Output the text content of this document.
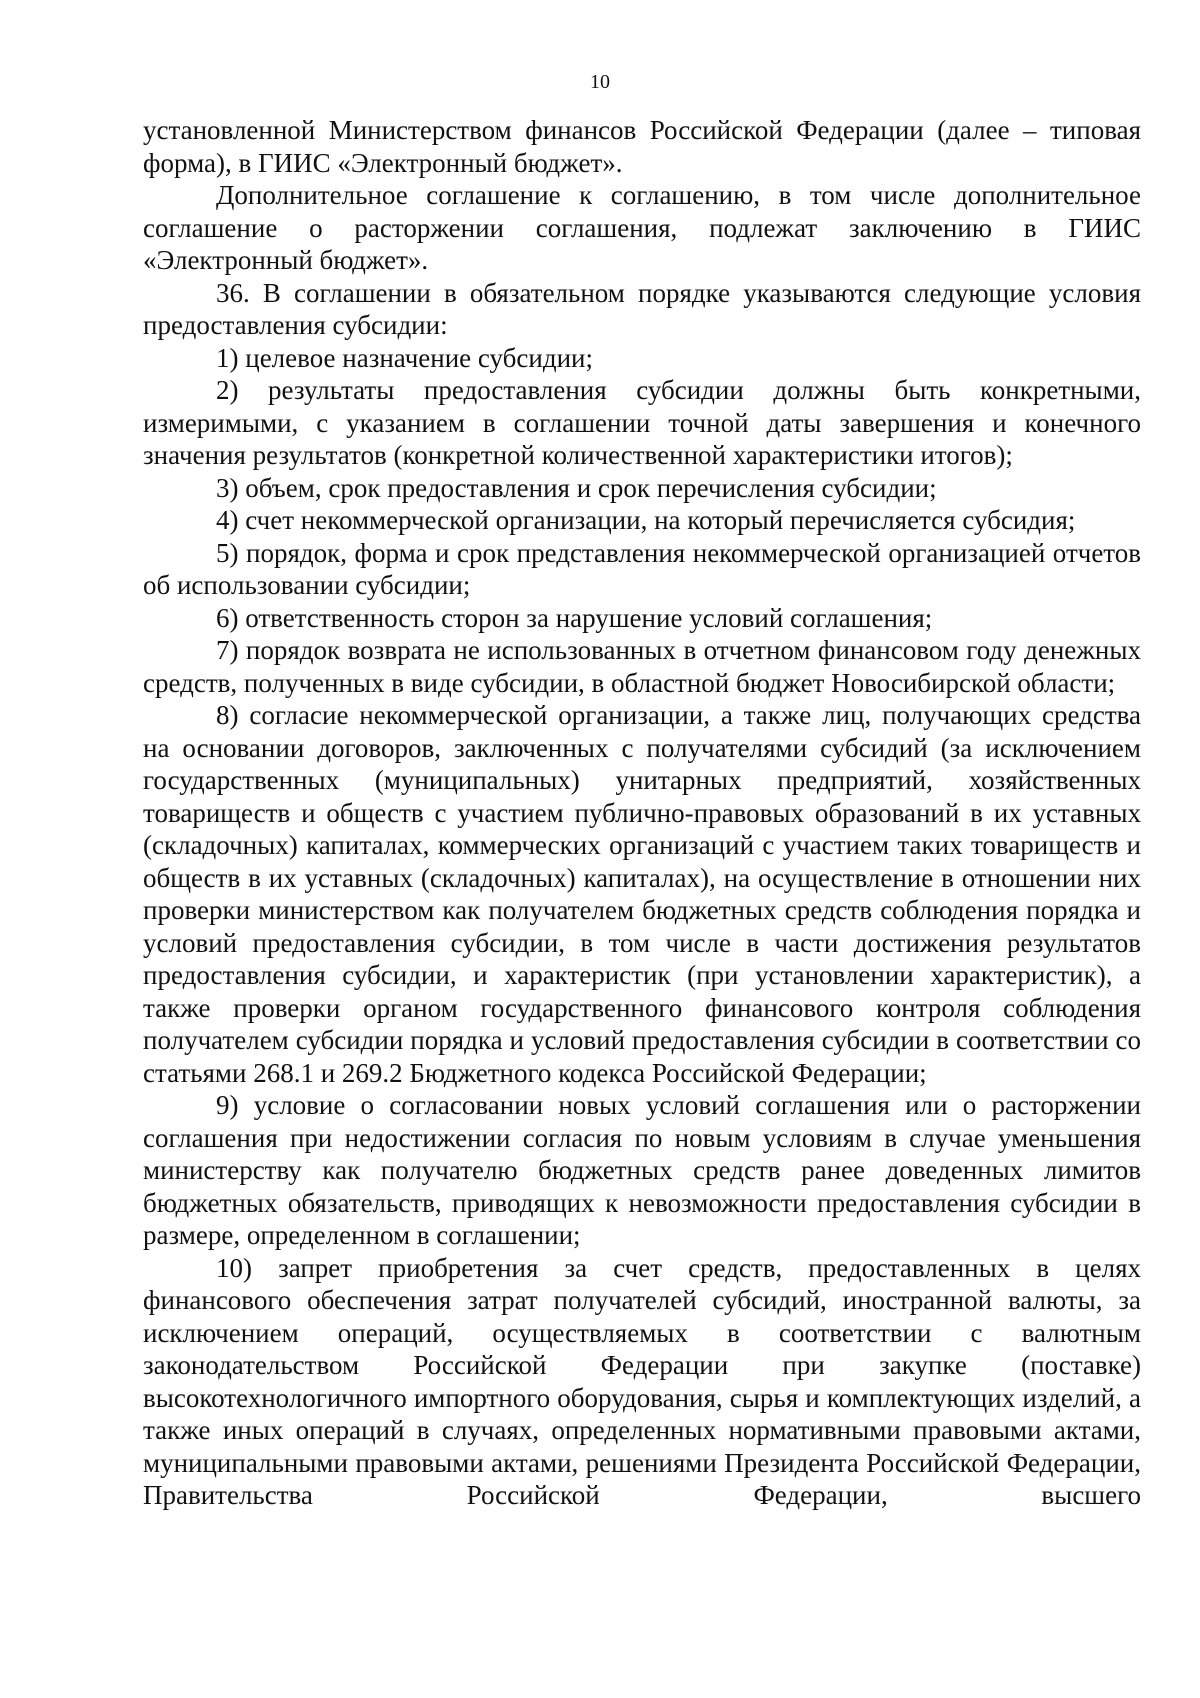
10

установленной Министерством финансов Российской Федерации (далее – типовая форма), в ГИИС «Электронный бюджет».

Дополнительное соглашение к соглашению, в том числе дополнительное соглашение о расторжении соглашения, подлежат заключению в ГИИС «Электронный бюджет».

36. В соглашении в обязательном порядке указываются следующие условия предоставления субсидии:

1) целевое назначение субсидии;

2) результаты предоставления субсидии должны быть конкретными, измеримыми, с указанием в соглашении точной даты завершения и конечного значения результатов (конкретной количественной характеристики итогов);

3) объем, срок предоставления и срок перечисления субсидии;

4) счет некоммерческой организации, на который перечисляется субсидия;

5) порядок, форма и срок представления некоммерческой организацией отчетов об использовании субсидии;

6) ответственность сторон за нарушение условий соглашения;

7) порядок возврата не использованных в отчетном финансовом году денежных средств, полученных в виде субсидии, в областной бюджет Новосибирской области;

8) согласие некоммерческой организации, а также лиц, получающих средства на основании договоров, заключенных с получателями субсидий (за исключением государственных (муниципальных) унитарных предприятий, хозяйственных товариществ и обществ с участием публично-правовых образований в их уставных (складочных) капиталах, коммерческих организаций с участием таких товариществ и обществ в их уставных (складочных) капиталах), на осуществление в отношении них проверки министерством как получателем бюджетных средств соблюдения порядка и условий предоставления субсидии, в том числе в части достижения результатов предоставления субсидии, и характеристик (при установлении характеристик), а также проверки органом государственного финансового контроля соблюдения получателем субсидии порядка и условий предоставления субсидии в соответствии со статьями 268.1 и 269.2 Бюджетного кодекса Российской Федерации;

9) условие о согласовании новых условий соглашения или о расторжении соглашения при недостижении согласия по новым условиям в случае уменьшения министерству как получателю бюджетных средств ранее доведенных лимитов бюджетных обязательств, приводящих к невозможности предоставления субсидии в размере, определенном в соглашении;

10) запрет приобретения за счет средств, предоставленных в целях финансового обеспечения затрат получателей субсидий, иностранной валюты, за исключением операций, осуществляемых в соответствии с валютным законодательством Российской Федерации при закупке (поставке) высокотехнологичного импортного оборудования, сырья и комплектующих изделий, а также иных операций в случаях, определенных нормативными правовыми актами, муниципальными правовыми актами, решениями Президента Российской Федерации, Правительства Российской Федерации, высшего
